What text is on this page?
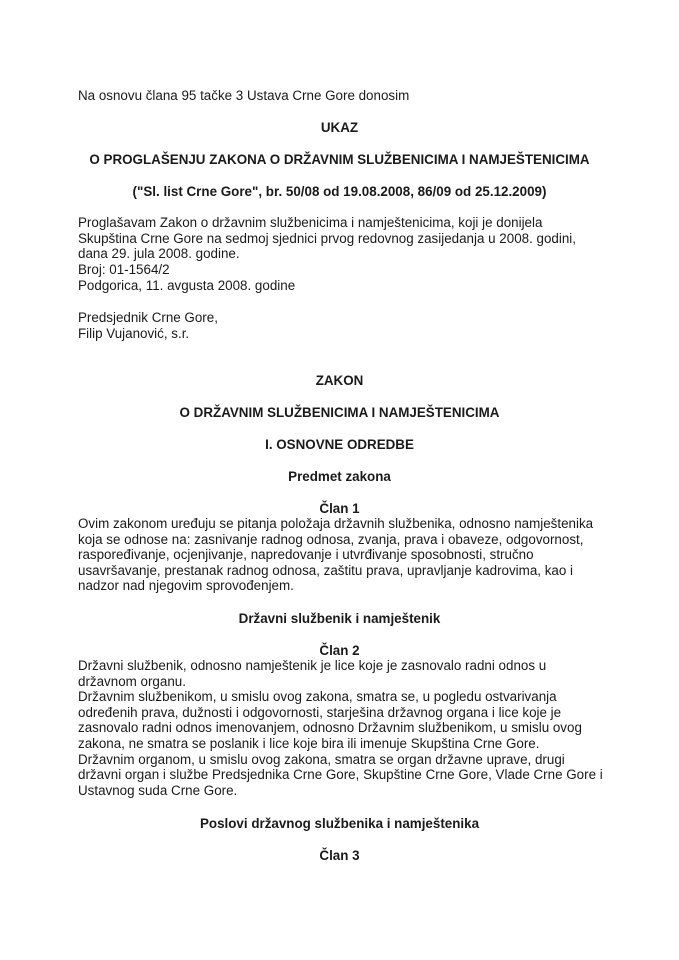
Na osnovu člana 95 tačke 3 Ustava Crne Gore donosim
UKAZ
O PROGLAŠENJU ZAKONA O DRŽAVNIM SLUŽBENICIMA I NAMJEŠTENICIMA
("Sl. list Crne Gore", br. 50/08 od 19.08.2008, 86/09 od 25.12.2009)
Proglašavam Zakon o državnim službenicima i namještenicima, koji je donijela
Skupština Crne Gore na sedmoj sjednici prvog redovnog zasijedanja u 2008. godini,
dana 29. jula 2008. godine.
Broj: 01-1564/2
Podgorica, 11. avgusta 2008. godine
Predsjednik Crne Gore,
Filip Vujanović, s.r.
ZAKON
O DRŽAVNIM SLUŽBENICIMA I NAMJEŠTENICIMA
I. OSNOVNE ODREDBE
Predmet zakona
Član 1
Ovim zakonom uređuju se pitanja položaja državnih službenika, odnosno namještenika
koja se odnose na: zasnivanje radnog odnosa, zvanja, prava i obaveze, odgovornost,
raspoređivanje, ocjenjivanje, napredovanje i utvrđivanje sposobnosti, stručno
usavršavanje, prestanak radnog odnosa, zaštitu prava, upravljanje kadrovima, kao i
nadzor nad njegovim sprovođenjem.
Državni službenik i namještenik
Član 2
Državni službenik, odnosno namještenik je lice koje je zasnovalo radni odnos u
državnom organu.
Državnim službenikom, u smislu ovog zakona, smatra se, u pogledu ostvarivanja
određenih prava, dužnosti i odgovornosti, starješina državnog organa i lice koje je
zasnovalo radni odnos imenovanjem, odnosno Državnim službenikom, u smislu ovog
zakona, ne smatra se poslanik i lice koje bira ili imenuje Skupština Crne Gore.
Državnim organom, u smislu ovog zakona, smatra se organ državne uprave, drugi
državni organ i službe Predsjednika Crne Gore, Skupštine Crne Gore, Vlade Crne Gore i
Ustavnog suda Crne Gore.
Poslovi državnog službenika i namještenika
Član 3
